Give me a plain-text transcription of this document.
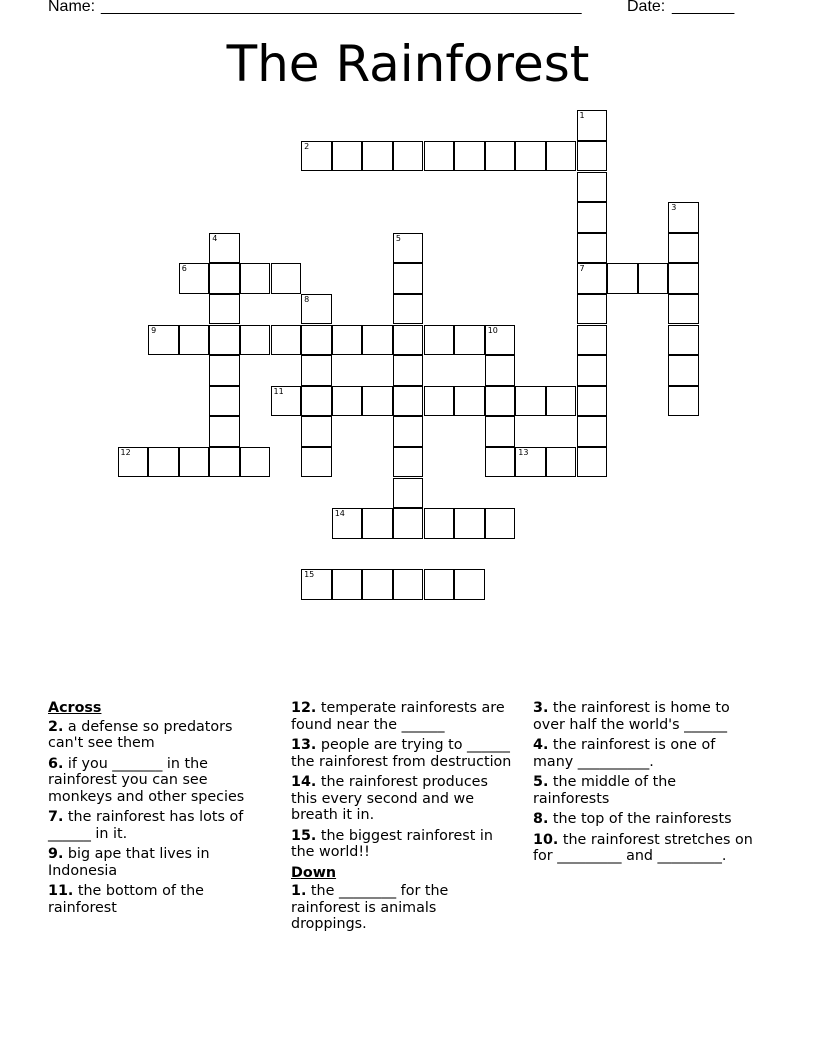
Name: ______________________________________________________	Date: _______
The Rainforest
1
2
3
4	5
6	7
8
9	10
11
12	13
14
15
Across
2. a defense so predators can't see them
6. if you _______ in the rainforest you can see monkeys and other species
7. the rainforest has lots of ______ in it.
9. big ape that lives in Indonesia
11. the bottom of the rainforest
12. temperate rainforests are found near the ______
13. people are trying to ______ the rainforest from destruction
14. the rainforest produces this every second and we breath it in.
15. the biggest rainforest in the world!!
Down
1. the ________ for the rainforest is animals droppings.
3. the rainforest is home to over half the world's ______
4. the rainforest is one of many __________.
5. the middle of the rainforests
8. the top of the rainforests
10. the rainforest stretches on for _________ and _________.
